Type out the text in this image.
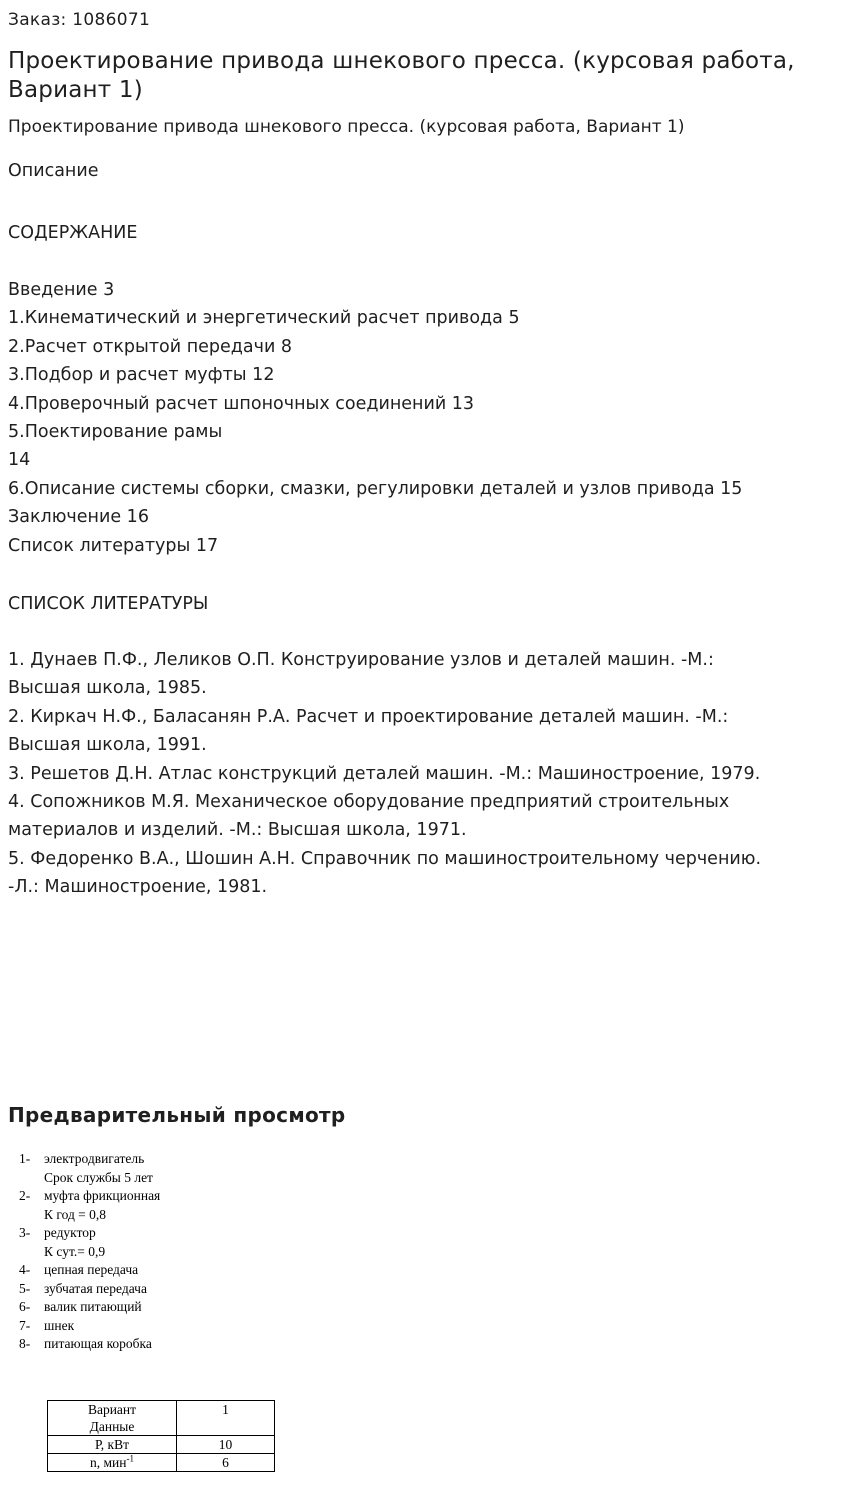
Заказ: 1086071
Проектирование привода шнекового пресса. (курсовая работа, Вариант 1)
Проектирование привода шнекового пресса. (курсовая работа, Вариант 1)
Описание
СОДЕРЖАНИЕ
Введение 3
1.Кинематический и энергетический расчет привода 5
2.Расчет открытой передачи 8
3.Подбор и расчет муфты 12
4.Проверочный расчет шпоночных соединений 13
5.Поектирование рамы
14
6.Описание системы сборки, смазки, регулировки деталей и узлов привода 15
Заключение 16
Список литературы 17
СПИСОК ЛИТЕРАТУРЫ
1. Дунаев П.Ф., Леликов О.П. Конструирование узлов и деталей машин. -М.:
Высшая школа, 1985.
2. Киркач Н.Ф., Баласанян Р.А. Расчет и проектирование деталей машин. -М.:
Высшая школа, 1991.
3. Решетов Д.Н. Атлас конструкций деталей машин. -М.: Машиностроение, 1979.
4. Сопожников М.Я. Механическое оборудование предприятий строительных
материалов и изделий. -М.: Высшая школа, 1971.
5. Федоренко В.А., Шошин А.Н. Справочник по машиностроительному черчению.
-Л.: Машиностроение, 1981.
Предварительный просмотр
1-	электродвигатель
Срок службы 5 лет
2-	муфта фрикционная
К год = 0,8
3-	редуктор
К сут.= 0,9
4-	цепная передача
5-	зубчатая передача
6-	валик питающий
7-	шнек
8-	питающая коробка
Вариант
Данные	1
Р, кВт	10
n, мин$^{-1}$	6
